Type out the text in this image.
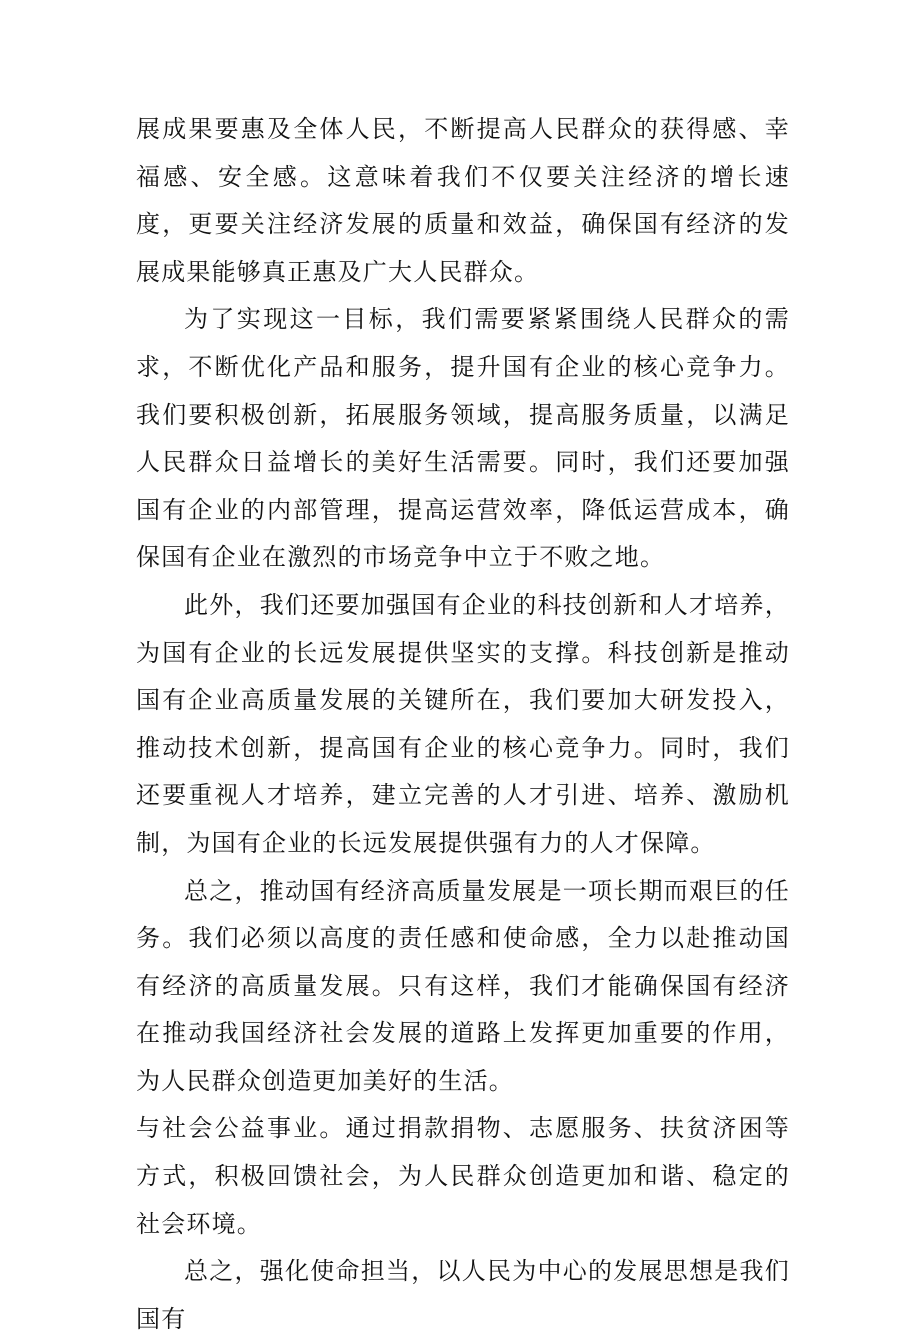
展成果要惠及全体人民，不断提高人民群众的获得感、幸福感、安全感。这意味着我们不仅要关注经济的增长速度，更要关注经济发展的质量和效益，确保国有经济的发展成果能够真正惠及广大人民群众。

为了实现这一目标，我们需要紧紧围绕人民群众的需求，不断优化产品和服务，提升国有企业的核心竞争力。我们要积极创新，拓展服务领域，提高服务质量，以满足人民群众日益增长的美好生活需要。同时，我们还要加强国有企业的内部管理，提高运营效率，降低运营成本，确保国有企业在激烈的市场竞争中立于不败之地。

此外，我们还要加强国有企业的科技创新和人才培养，为国有企业的长远发展提供坚实的支撑。科技创新是推动国有企业高质量发展的关键所在，我们要加大研发投入，推动技术创新，提高国有企业的核心竞争力。同时，我们还要重视人才培养，建立完善的人才引进、培养、激励机制，为国有企业的长远发展提供强有力的人才保障。

总之，推动国有经济高质量发展是一项长期而艰巨的任务。我们必须以高度的责任感和使命感，全力以赴推动国有经济的高质量发展。只有这样，我们才能确保国有经济在推动我国经济社会发展的道路上发挥更加重要的作用，为人民群众创造更加美好的生活。

与社会公益事业。通过捐款捐物、志愿服务、扶贫济困等方式，积极回馈社会，为人民群众创造更加和谐、稳定的社会环境。

总之，强化使命担当，以人民为中心的发展思想是我们国有
